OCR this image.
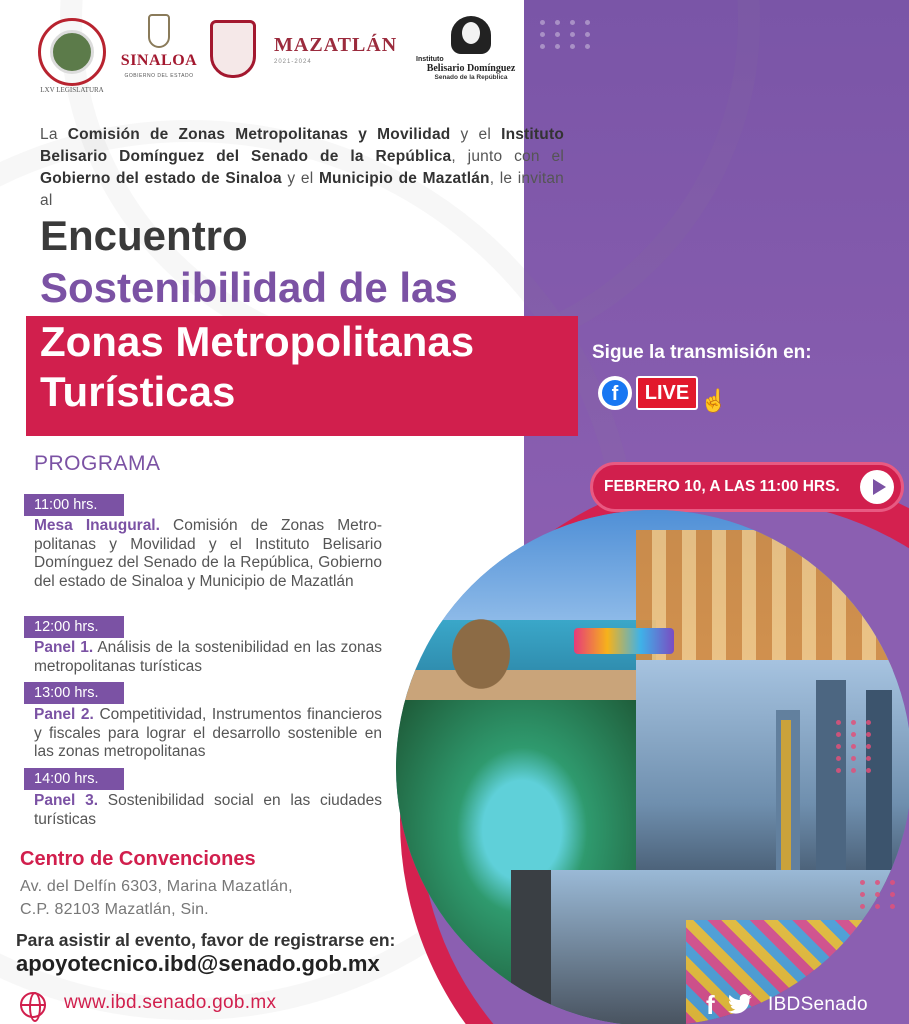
LXV LEGISLATURA
SINALOA
GOBIERNO DEL ESTADO
MAZATLÁN
2021-2024	Instituto
Belisario Domínguez
Senado de la República

La Comisión de Zonas Metropolitanas y Movilidad y el Instituto Belisario Domínguez del Senado de la República, junto con el Gobierno del estado de Sinaloa y el Municipio de Mazatlán, le invitan al

Encuentro
Sostenibilidad de las
Zonas Metropolitanas
Turísticas
Sigue la transmisión en:
f	LIVE ☝
FEBRERO 10, A LAS 11:00 HRS.
PROGRAMA
11:00 hrs.

Mesa Inaugural. Comisión de Zonas Metro-politanas y Movilidad y el Instituto Belisario Domínguez del Senado de la República, Gobierno del estado de Sinaloa y Municipio de Mazatlán

12:00 hrs.

Panel 1. Análisis de la sostenibilidad en las zonas metropolitanas turísticas

13:00 hrs.

Panel 2. Competitividad, Instrumentos financieros y fiscales para lograr el desarrollo sostenible en las zonas metropolitanas

14:00 hrs.

Panel 3. Sostenibilidad social en las ciudades turísticas

Centro de Convenciones
Av. del Delfín 6303, Marina Mazatlán,
C.P. 82103 Mazatlán, Sin.
Para asistir al evento, favor de registrarse en:
apoyotecnico.ibd@senado.gob.mx
www.ibd.senado.gob.mx	f	IBDSenado
